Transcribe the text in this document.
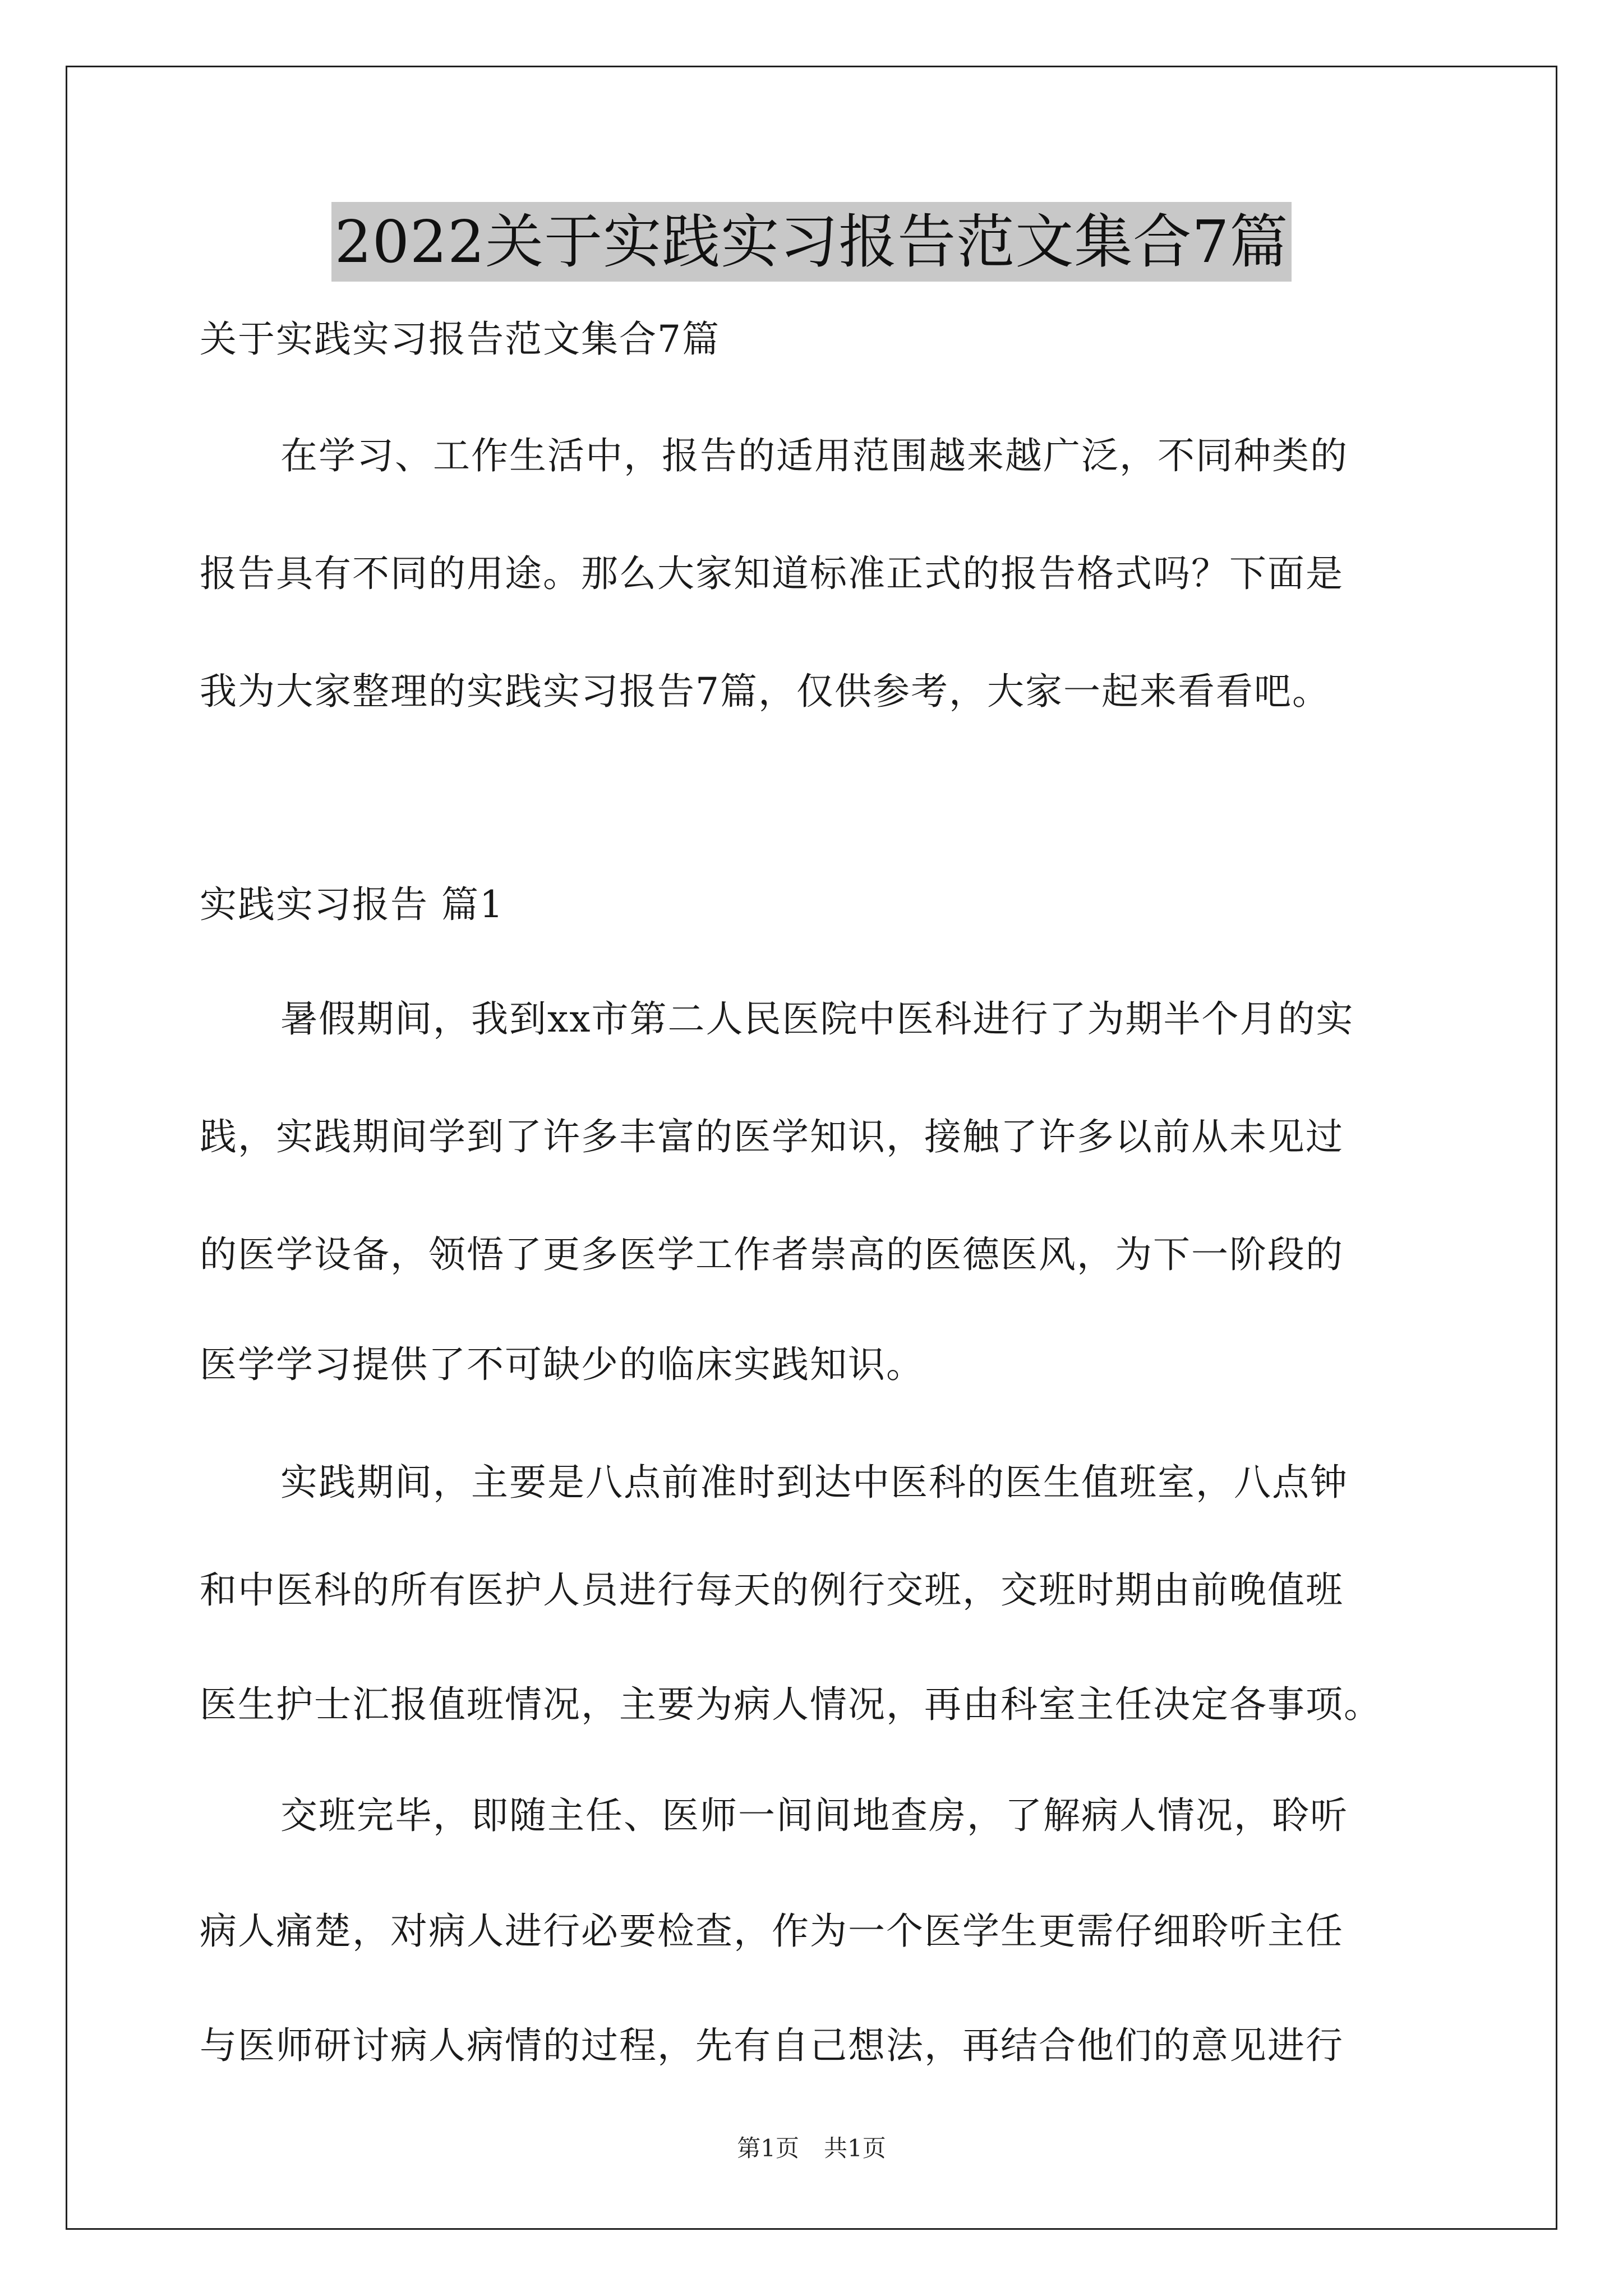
2022关于实践实习报告范文集合7篇
关于实践实习报告范文集合7篇
在学习、工作生活中，报告的适用范围越来越广泛，不同种类的
报告具有不同的用途。那么大家知道标准正式的报告格式吗？下面是
我为大家整理的实践实习报告7篇，仅供参考，大家一起来看看吧。
实践实习报告 篇1
暑假期间，我到xx市第二人民医院中医科进行了为期半个月的实
践，实践期间学到了许多丰富的医学知识，接触了许多以前从未见过
的医学设备，领悟了更多医学工作者崇高的医德医风，为下一阶段的
医学学习提供了不可缺少的临床实践知识。
实践期间，主要是八点前准时到达中医科的医生值班室，八点钟
和中医科的所有医护人员进行每天的例行交班，交班时期由前晚值班
医生护士汇报值班情况，主要为病人情况，再由科室主任决定各事项。
交班完毕，即随主任、医师一间间地查房，了解病人情况，聆听
病人痛楚，对病人进行必要检查，作为一个医学生更需仔细聆听主任
与医师研讨病人病情的过程，先有自己想法，再结合他们的意见进行
第1页 共1页
